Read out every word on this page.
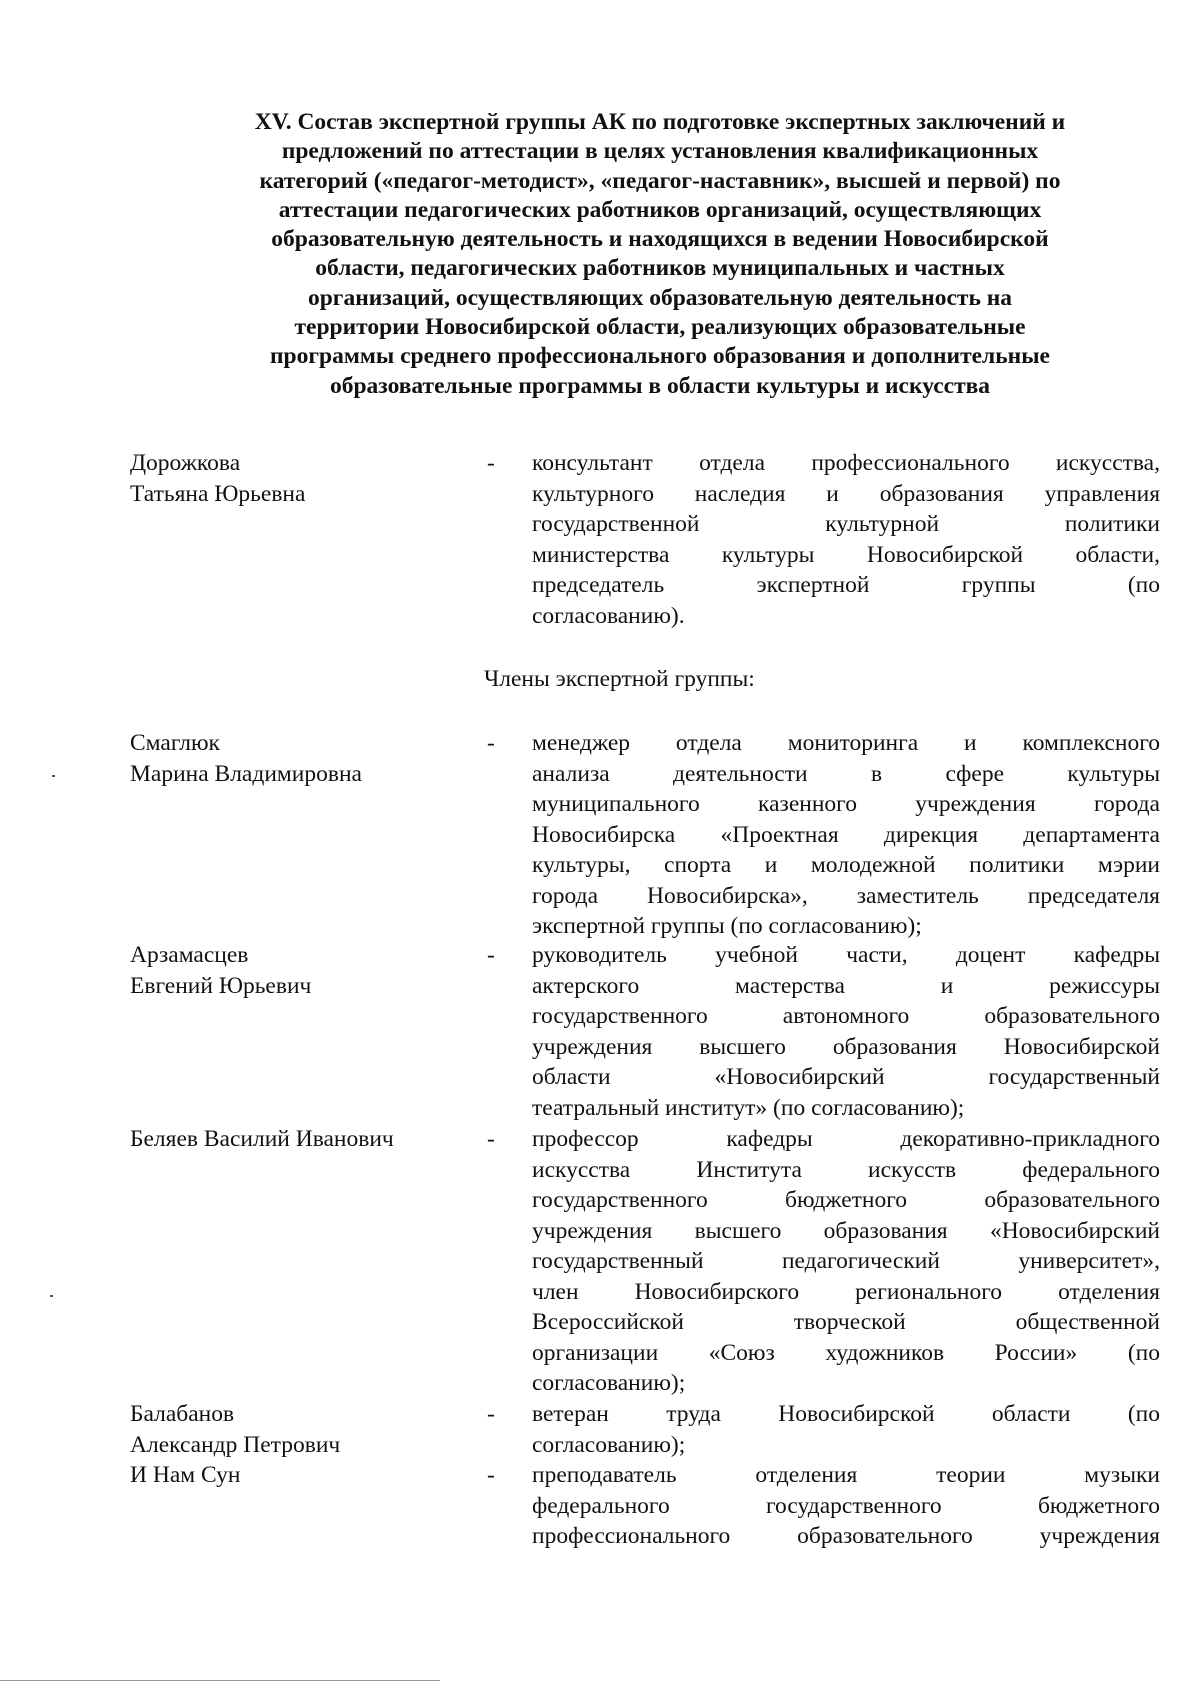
XV. Состав экспертной группы АК по подготовке экспертных заключений и
предложений по аттестации в целях установления квалификационных
категорий («педагог-методист», «педагог-наставник», высшей и первой) по
аттестации педагогических работников организаций, осуществляющих
образовательную деятельность и находящихся в ведении Новосибирской
области, педагогических работников муниципальных и частных
организаций, осуществляющих образовательную деятельность на
территории Новосибирской области, реализующих образовательные
программы среднего профессионального образования и дополнительные
образовательные программы в области культуры и искусства
Дорожкова
Татьяна Юрьевна
- консультант отдела профессионального искусства,
культурного наследия и образования управления
государственной культурной политики
министерства культуры Новосибирской области,
председатель экспертной группы (по
согласованию).
Члены экспертной группы:
Смаглюк
Марина Владимировна
- менеджер отдела мониторинга и комплексного
анализа деятельности в сфере культуры
муниципального казенного учреждения города
Новосибирска «Проектная дирекция департамента
культуры, спорта и молодежной политики мэрии
города Новосибирска», заместитель председателя
экспертной группы (по согласованию);
Арзамасцев
Евгений Юрьевич
- руководитель учебной части, доцент кафедры
актерского мастерства и режиссуры
государственного автономного образовательного
учреждения высшего образования Новосибирской
области «Новосибирский государственный
театральный институт» (по согласованию);
Беляев Василий Иванович	- профессор кафедры декоративно-прикладного
искусства Института искусств федерального
государственного бюджетного образовательного
учреждения высшего образования «Новосибирский
государственный педагогический университет»,
член Новосибирского регионального отделения
Всероссийской творческой общественной
организации «Союз художников России» (по
согласованию);
Балабанов
Александр Петрович
- ветеран труда Новосибирской области (по
согласованию);
И Нам Сун	- преподаватель отделения теории музыки
федерального государственного бюджетного
профессионального образовательного учреждения
